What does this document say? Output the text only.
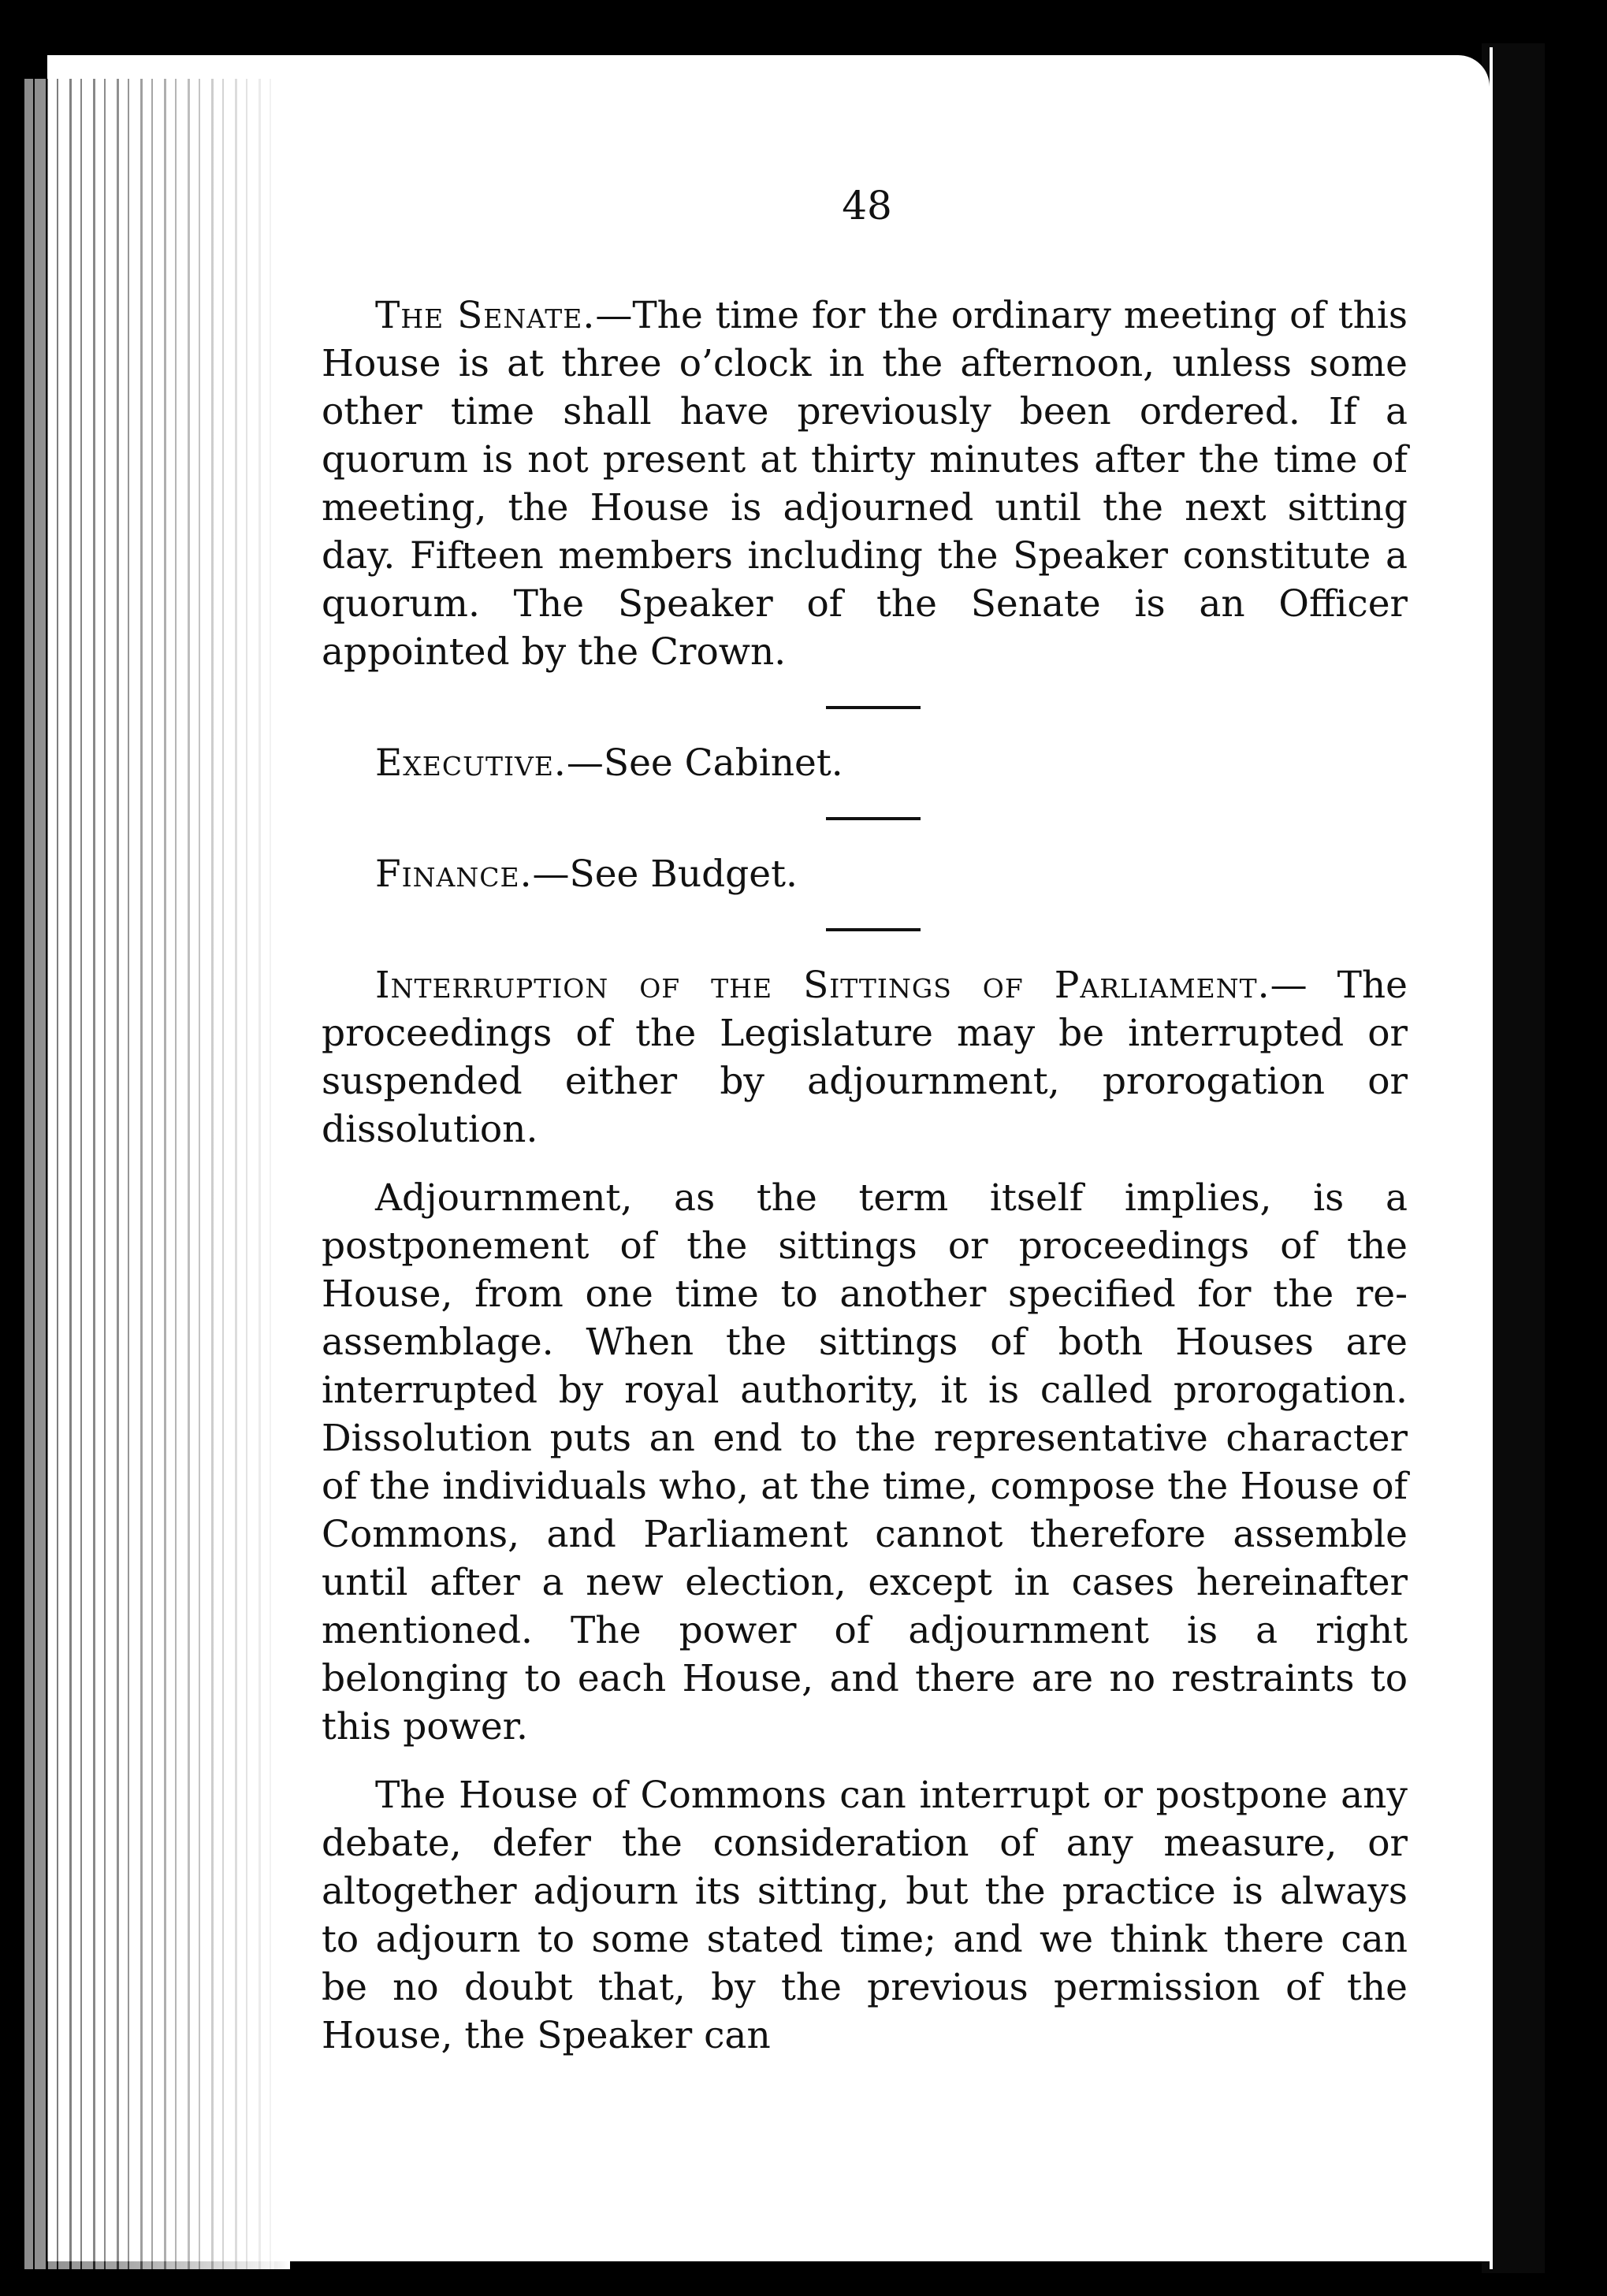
48

The Senate.—The time for the ordinary meeting of this House is at three o’clock in the afternoon, unless some other time shall have previously been ordered. If a quorum is not present at thirty minutes after the time of meeting, the House is adjourned until the next sitting day. Fifteen members including the Speaker constitute a quorum. The Speaker of the Senate is an Officer appointed by the Crown.

Executive.—See Cabinet.

Finance.—See Budget.

Interruption of the Sittings of Parliament.— The proceedings of the Legislature may be interrupted or suspended either by adjournment, prorogation or dissolution.

Adjournment, as the term itself implies, is a postponement of the sittings or proceedings of the House, from one time to another specified for the re-assemblage. When the sittings of both Houses are interrupted by royal authority, it is called prorogation. Dissolution puts an end to the representative character of the individuals who, at the time, compose the House of Commons, and Parliament cannot therefore assemble until after a new election, except in cases hereinafter mentioned. The power of adjournment is a right belonging to each House, and there are no restraints to this power.

The House of Commons can interrupt or postpone any debate, defer the consideration of any measure, or altogether adjourn its sitting, but the practice is always to adjourn to some stated time; and we think there can be no doubt that, by the previous permission of the House, the Speaker can
